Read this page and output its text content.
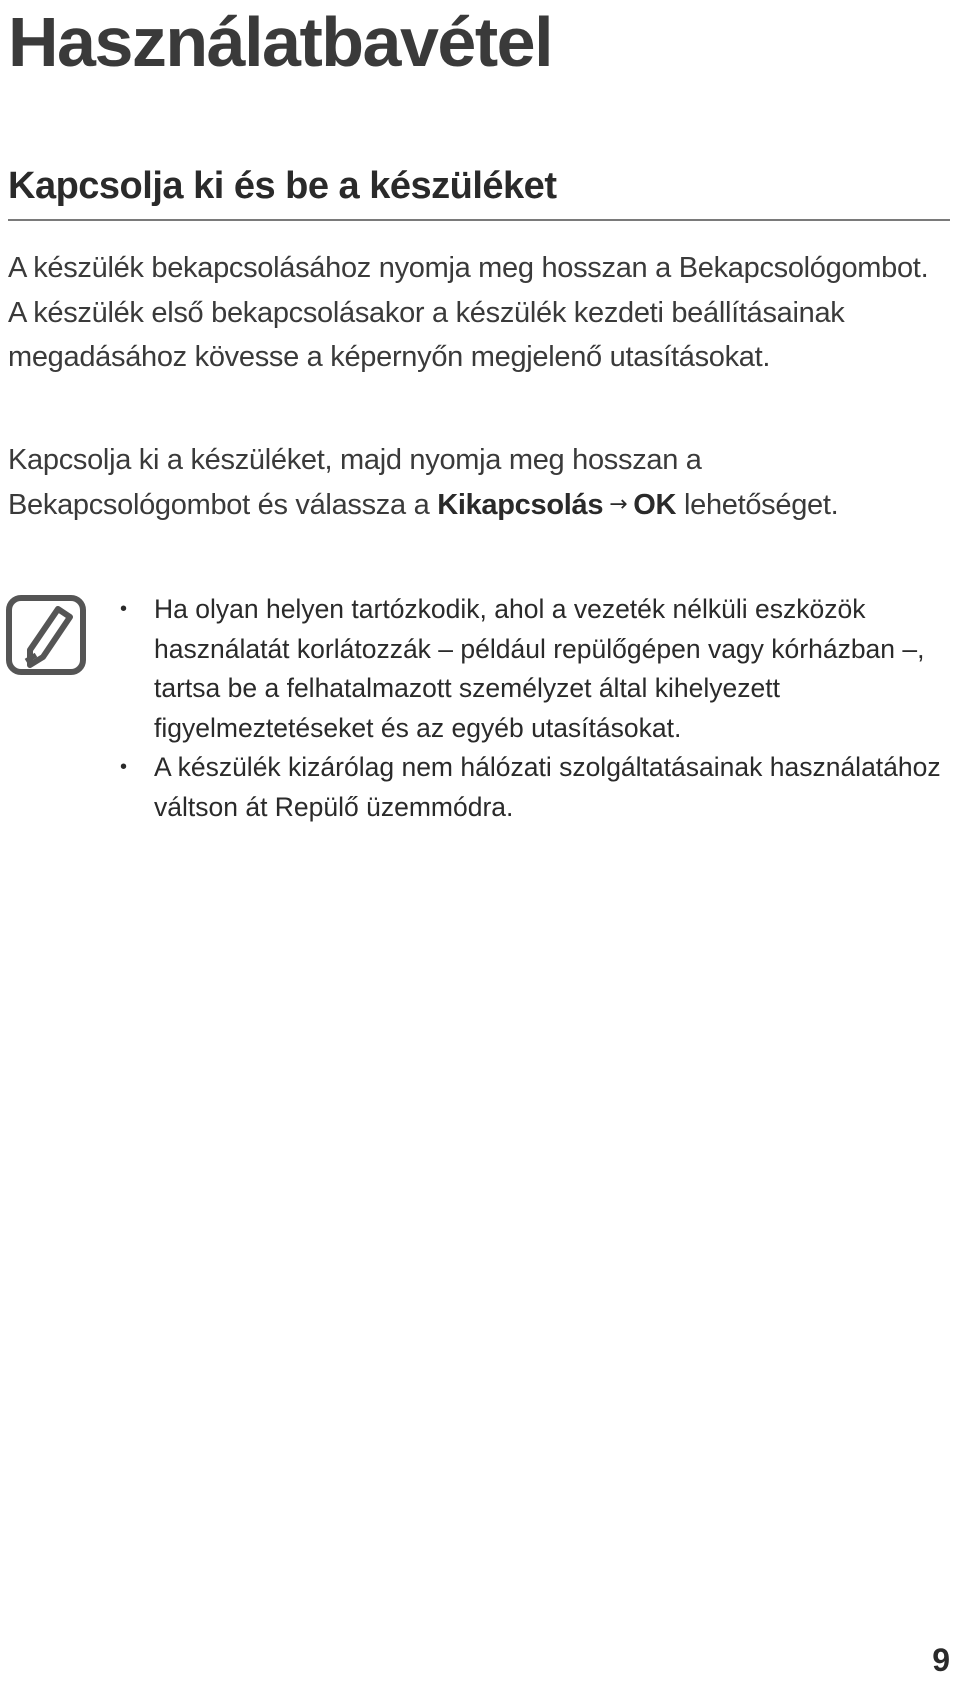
Használatbavétel
Kapcsolja ki és be a készüléket

A készülék bekapcsolásához nyomja meg hosszan a Bekapcsológombot. A készülék első bekapcsolásakor a készülék kezdeti beállításainak megadásához kövesse a képernyőn megjelenő utasításokat.

Kapcsolja ki a készüléket, majd nyomja meg hosszan a Bekapcsológombot és válassza a Kikapcsolás → OK lehetőséget.

• Ha olyan helyen tartózkodik, ahol a vezeték nélküli eszközök használatát korlátozzák – például repülőgépen vagy kórházban –, tartsa be a felhatalmazott személyzet által kihelyezett figyelmeztetéseket és az egyéb utasításokat.
• A készülék kizárólag nem hálózati szolgáltatásainak használatához váltson át Repülő üzemmódra.

9
